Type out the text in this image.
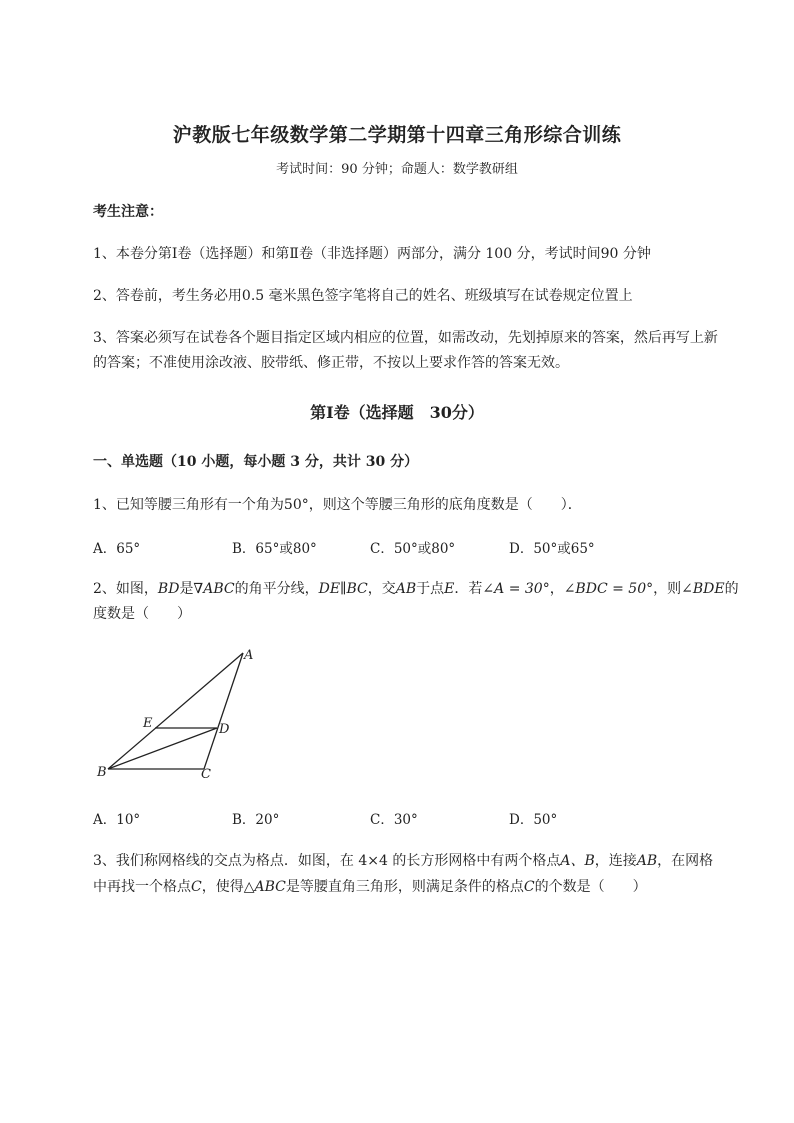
沪教版七年级数学第二学期第十四章三角形综合训练
考试时间：90 分钟；命题人：数学教研组
考生注意：
1、本卷分第Ⅰ卷（选择题）和第Ⅱ卷（非选择题）两部分，满分 100 分，考试时间90 分钟
2、答卷前，考生务必用0.5 毫米黑色签字笔将自己的姓名、班级填写在试卷规定位置上
3、答案必须写在试卷各个题目指定区域内相应的位置，如需改动，先划掉原来的答案，然后再写上新
的答案；不准使用涂改液、胶带纸、修正带，不按以上要求作答的答案无效。
第Ⅰ卷（选择题　30分）
一、单选题（10 小题，每小题 3 分，共计 30 分）
1、已知等腰三角形有一个角为50°，则这个等腰三角形的底角度数是（　　）．
A．65°	B．65°或80°	C．50°或80°	D．50°或65°
2、如图，BD是∇ABC的角平分线，DE∥BC，交AB于点E．若∠A = 30°，∠BDC = 50°，则∠BDE的
度数是（　　）
A
B	C
D
E
A．10°	B．20°	C．30°	D．50°
3、我们称网格线的交点为格点．如图，在 4×4 的长方形网格中有两个格点A、B，连接AB，在网格
中再找一个格点C，使得△ABC是等腰直角三角形，则满足条件的格点C的个数是（　　）
